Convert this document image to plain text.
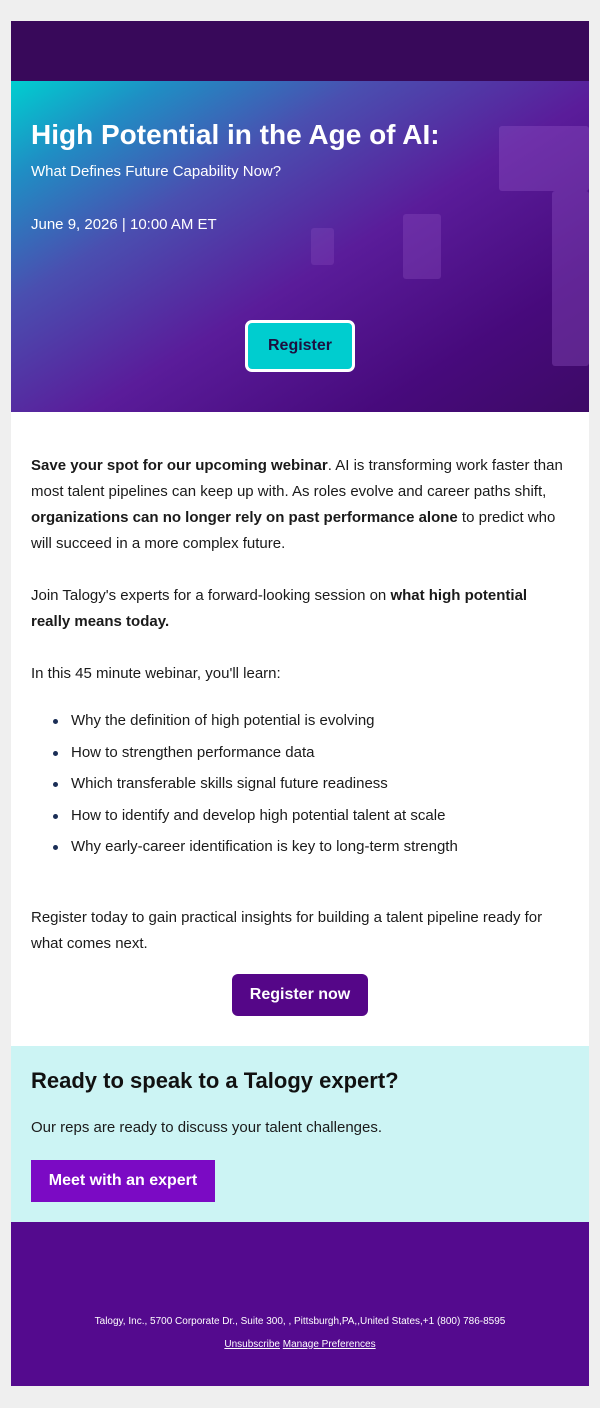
High Potential in the Age of AI:
What Defines Future Capability Now?
June 9, 2026 | 10:00 AM ET
Register

Save your spot for our upcoming webinar. AI is transforming work faster than most talent pipelines can keep up with. As roles evolve and career paths shift, organizations can no longer rely on past performance alone to predict who will succeed in a more complex future.

Join Talogy's experts for a forward-looking session on what high potential really means today.

In this 45 minute webinar, you'll learn:

Why the definition of high potential is evolving
How to strengthen performance data
Which transferable skills signal future readiness
How to identify and develop high potential talent at scale
Why early-career identification is key to long-term strength

Register today to gain practical insights for building a talent pipeline ready for what comes next.

Register now
Ready to speak to a Talogy expert?

Our reps are ready to discuss your talent challenges.

Meet with an expert
Talogy, Inc., 5700 Corporate Dr., Suite 300, , Pittsburgh,PA,,United States,+1 (800) 786-8595
Unsubscribe Manage Preferences
